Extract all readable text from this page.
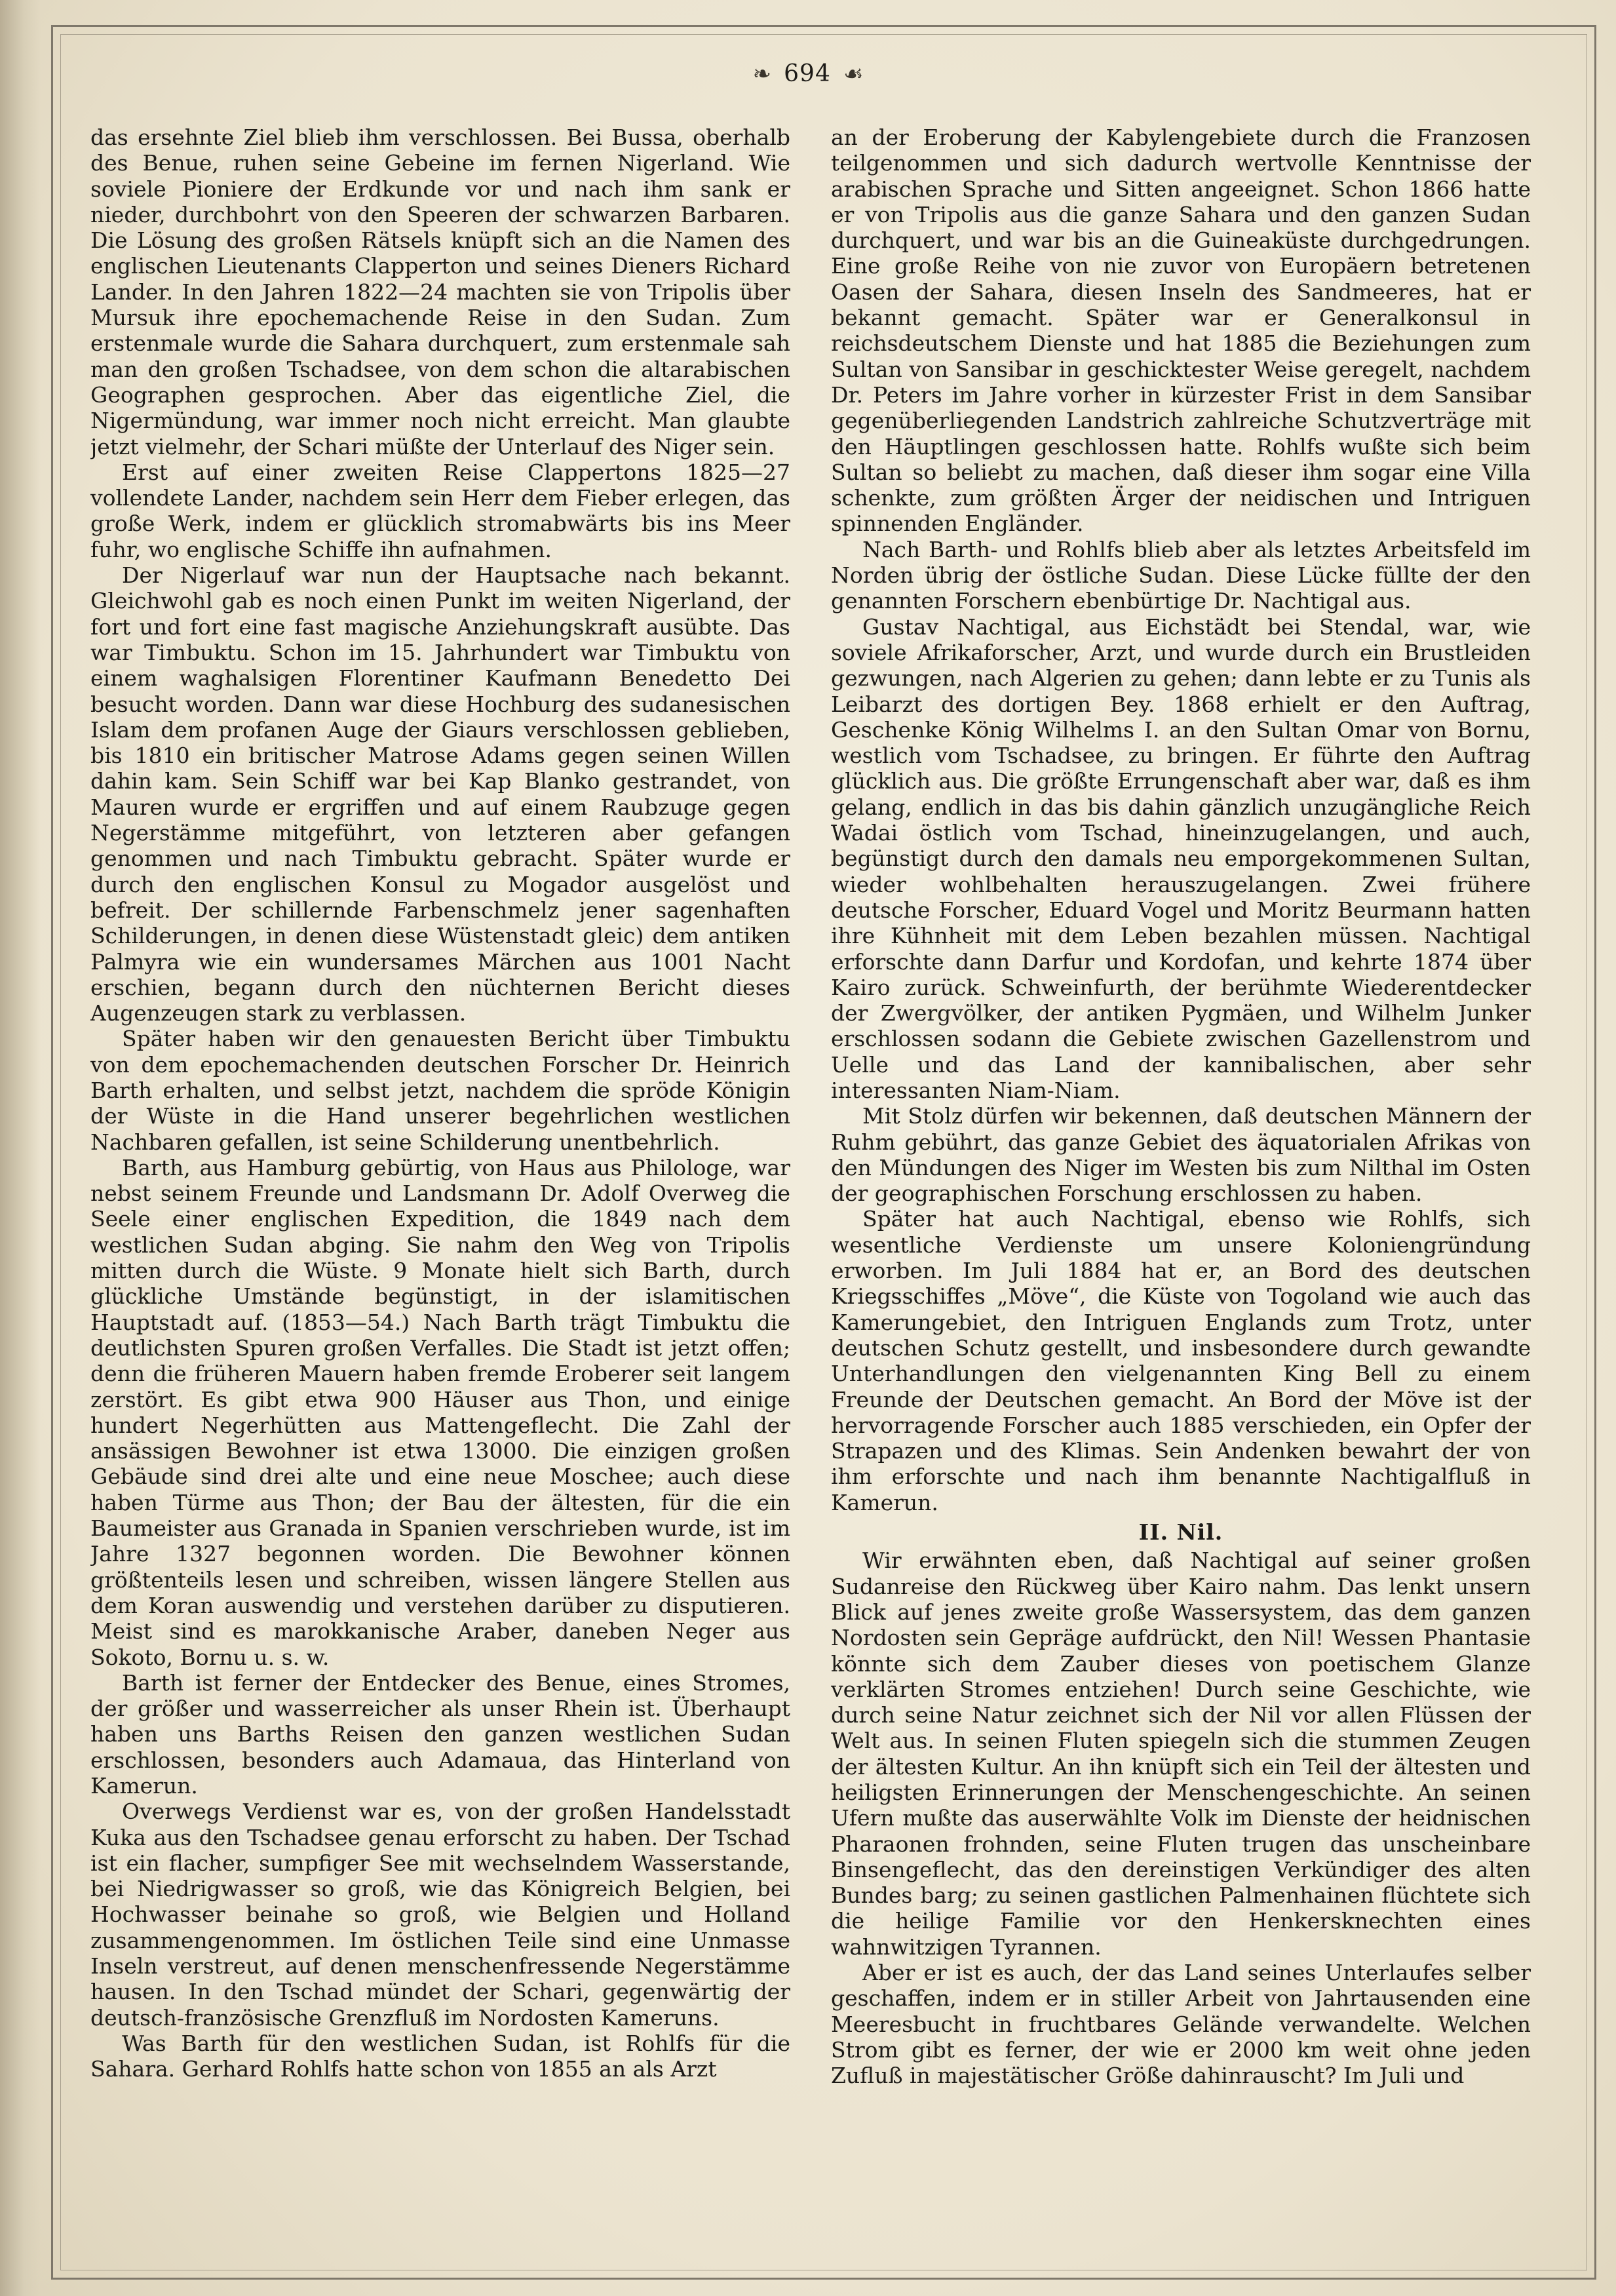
❧ 694 ☙

das ersehnte Ziel blieb ihm verschlossen. Bei Bussa, oberhalb des Benue, ruhen seine Gebeine im fernen Nigerland. Wie soviele Pioniere der Erdkunde vor und nach ihm sank er nieder, durchbohrt von den Speeren der schwarzen Barbaren. Die Lösung des großen Rätsels knüpft sich an die Namen des englischen Lieutenants Clapperton und seines Dieners Richard Lander. In den Jahren 1822—24 machten sie von Tripolis über Mursuk ihre epochemachende Reise in den Sudan. Zum erstenmale wurde die Sahara durchquert, zum erstenmale sah man den großen Tschadsee, von dem schon die altarabischen Geographen gesprochen. Aber das eigentliche Ziel, die Nigermündung, war immer noch nicht erreicht. Man glaubte jetzt vielmehr, der Schari müßte der Unterlauf des Niger sein.

Erst auf einer zweiten Reise Clappertons 1825—27 vollendete Lander, nachdem sein Herr dem Fieber erlegen, das große Werk, indem er glücklich stromabwärts bis ins Meer fuhr, wo englische Schiffe ihn aufnahmen.

Der Nigerlauf war nun der Hauptsache nach bekannt. Gleichwohl gab es noch einen Punkt im weiten Nigerland, der fort und fort eine fast magische Anziehungskraft ausübte. Das war Timbuktu. Schon im 15. Jahrhundert war Timbuktu von einem waghalsigen Florentiner Kaufmann Benedetto Dei besucht worden. Dann war diese Hochburg des sudanesischen Islam dem profanen Auge der Giaurs verschlossen geblieben, bis 1810 ein britischer Matrose Adams gegen seinen Willen dahin kam. Sein Schiff war bei Kap Blanko gestrandet, von Mauren wurde er ergriffen und auf einem Raubzuge gegen Negerstämme mitgeführt, von letzteren aber gefangen genommen und nach Timbuktu gebracht. Später wurde er durch den englischen Konsul zu Mogador ausgelöst und befreit. Der schillernde Farbenschmelz jener sagenhaften Schilderungen, in denen diese Wüstenstadt gleic) dem antiken Palmyra wie ein wundersames Märchen aus 1001 Nacht erschien, begann durch den nüchternen Bericht dieses Augenzeugen stark zu verblassen.

Später haben wir den genauesten Bericht über Timbuktu von dem epochemachenden deutschen Forscher Dr. Heinrich Barth erhalten, und selbst jetzt, nachdem die spröde Königin der Wüste in die Hand unserer begehrlichen westlichen Nachbaren gefallen, ist seine Schilderung unentbehrlich.

Barth, aus Hamburg gebürtig, von Haus aus Philologe, war nebst seinem Freunde und Landsmann Dr. Adolf Overweg die Seele einer englischen Expedition, die 1849 nach dem westlichen Sudan abging. Sie nahm den Weg von Tripolis mitten durch die Wüste. 9 Monate hielt sich Barth, durch glückliche Umstände begünstigt, in der islamitischen Hauptstadt auf. (1853—54.) Nach Barth trägt Timbuktu die deutlichsten Spuren großen Verfalles. Die Stadt ist jetzt offen; denn die früheren Mauern haben fremde Eroberer seit langem zerstört. Es gibt etwa 900 Häuser aus Thon, und einige hundert Negerhütten aus Mattengeflecht. Die Zahl der ansässigen Bewohner ist etwa 13000. Die einzigen großen Gebäude sind drei alte und eine neue Moschee; auch diese haben Türme aus Thon; der Bau der ältesten, für die ein Baumeister aus Granada in Spanien verschrieben wurde, ist im Jahre 1327 begonnen worden. Die Bewohner können größtenteils lesen und schreiben, wissen längere Stellen aus dem Koran auswendig und verstehen darüber zu disputieren. Meist sind es marokkanische Araber, daneben Neger aus Sokoto, Bornu u. s. w.

Barth ist ferner der Entdecker des Benue, eines Stromes, der größer und wasserreicher als unser Rhein ist. Überhaupt haben uns Barths Reisen den ganzen westlichen Sudan erschlossen, besonders auch Adamaua, das Hinterland von Kamerun.

Overwegs Verdienst war es, von der großen Handelsstadt Kuka aus den Tschadsee genau erforscht zu haben. Der Tschad ist ein flacher, sumpfiger See mit wechselndem Wasserstande, bei Niedrigwasser so groß, wie das Königreich Belgien, bei Hochwasser beinahe so groß, wie Belgien und Holland zusammengenommen. Im östlichen Teile sind eine Unmasse Inseln verstreut, auf denen menschenfressende Negerstämme hausen. In den Tschad mündet der Schari, gegenwärtig der deutsch-französische Grenzfluß im Nordosten Kameruns.

Was Barth für den westlichen Sudan, ist Rohlfs für die Sahara. Gerhard Rohlfs hatte schon von 1855 an als Arzt

an der Eroberung der Kabylengebiete durch die Franzosen teilgenommen und sich dadurch wertvolle Kenntnisse der arabischen Sprache und Sitten angeeignet. Schon 1866 hatte er von Tripolis aus die ganze Sahara und den ganzen Sudan durchquert, und war bis an die Guineaküste durchgedrungen. Eine große Reihe von nie zuvor von Europäern betretenen Oasen der Sahara, diesen Inseln des Sandmeeres, hat er bekannt gemacht. Später war er Generalkonsul in reichsdeutschem Dienste und hat 1885 die Beziehungen zum Sultan von Sansibar in geschicktester Weise geregelt, nachdem Dr. Peters im Jahre vorher in kürzester Frist in dem Sansibar gegenüberliegenden Landstrich zahlreiche Schutzverträge mit den Häuptlingen geschlossen hatte. Rohlfs wußte sich beim Sultan so beliebt zu machen, daß dieser ihm sogar eine Villa schenkte, zum größten Ärger der neidischen und Intriguen spinnenden Engländer.

Nach Barth- und Rohlfs blieb aber als letztes Arbeitsfeld im Norden übrig der östliche Sudan. Diese Lücke füllte der den genannten Forschern ebenbürtige Dr. Nachtigal aus.

Gustav Nachtigal, aus Eichstädt bei Stendal, war, wie soviele Afrikaforscher, Arzt, und wurde durch ein Brustleiden gezwungen, nach Algerien zu gehen; dann lebte er zu Tunis als Leibarzt des dortigen Bey. 1868 erhielt er den Auftrag, Geschenke König Wilhelms I. an den Sultan Omar von Bornu, westlich vom Tschadsee, zu bringen. Er führte den Auftrag glücklich aus. Die größte Errungenschaft aber war, daß es ihm gelang, endlich in das bis dahin gänzlich unzugängliche Reich Wadai östlich vom Tschad, hineinzugelangen, und auch, begünstigt durch den damals neu emporgekommenen Sultan, wieder wohlbehalten herauszugelangen. Zwei frühere deutsche Forscher, Eduard Vogel und Moritz Beurmann hatten ihre Kühnheit mit dem Leben bezahlen müssen. Nachtigal erforschte dann Darfur und Kordofan, und kehrte 1874 über Kairo zurück. Schweinfurth, der berühmte Wiederentdecker der Zwergvölker, der antiken Pygmäen, und Wilhelm Junker erschlossen sodann die Gebiete zwischen Gazellenstrom und Uelle und das Land der kannibalischen, aber sehr interessanten Niam-Niam.

Mit Stolz dürfen wir bekennen, daß deutschen Männern der Ruhm gebührt, das ganze Gebiet des äquatorialen Afrikas von den Mündungen des Niger im Westen bis zum Nilthal im Osten der geographischen Forschung erschlossen zu haben.

Später hat auch Nachtigal, ebenso wie Rohlfs, sich wesentliche Verdienste um unsere Koloniengründung erworben. Im Juli 1884 hat er, an Bord des deutschen Kriegsschiffes „Möve“, die Küste von Togoland wie auch das Kamerungebiet, den Intriguen Englands zum Trotz, unter deutschen Schutz gestellt, und insbesondere durch gewandte Unterhandlungen den vielgenannten King Bell zu einem Freunde der Deutschen gemacht. An Bord der Möve ist der hervorragende Forscher auch 1885 verschieden, ein Opfer der Strapazen und des Klimas. Sein Andenken bewahrt der von ihm erforschte und nach ihm benannte Nachtigalfluß in Kamerun.

II. Nil.

Wir erwähnten eben, daß Nachtigal auf seiner großen Sudanreise den Rückweg über Kairo nahm. Das lenkt unsern Blick auf jenes zweite große Wassersystem, das dem ganzen Nordosten sein Gepräge aufdrückt, den Nil! Wessen Phantasie könnte sich dem Zauber dieses von poetischem Glanze verklärten Stromes entziehen! Durch seine Geschichte, wie durch seine Natur zeichnet sich der Nil vor allen Flüssen der Welt aus. In seinen Fluten spiegeln sich die stummen Zeugen der ältesten Kultur. An ihn knüpft sich ein Teil der ältesten und heiligsten Erinnerungen der Menschengeschichte. An seinen Ufern mußte das auserwählte Volk im Dienste der heidnischen Pharaonen frohnden, seine Fluten trugen das unscheinbare Binsengeflecht, das den dereinstigen Verkündiger des alten Bundes barg; zu seinen gastlichen Palmenhainen flüchtete sich die heilige Familie vor den Henkersknechten eines wahnwitzigen Tyrannen.

Aber er ist es auch, der das Land seines Unterlaufes selber geschaffen, indem er in stiller Arbeit von Jahrtausenden eine Meeresbucht in fruchtbares Gelände verwandelte. Welchen Strom gibt es ferner, der wie er 2000 km weit ohne jeden Zufluß in majestätischer Größe dahinrauscht? Im Juli und
